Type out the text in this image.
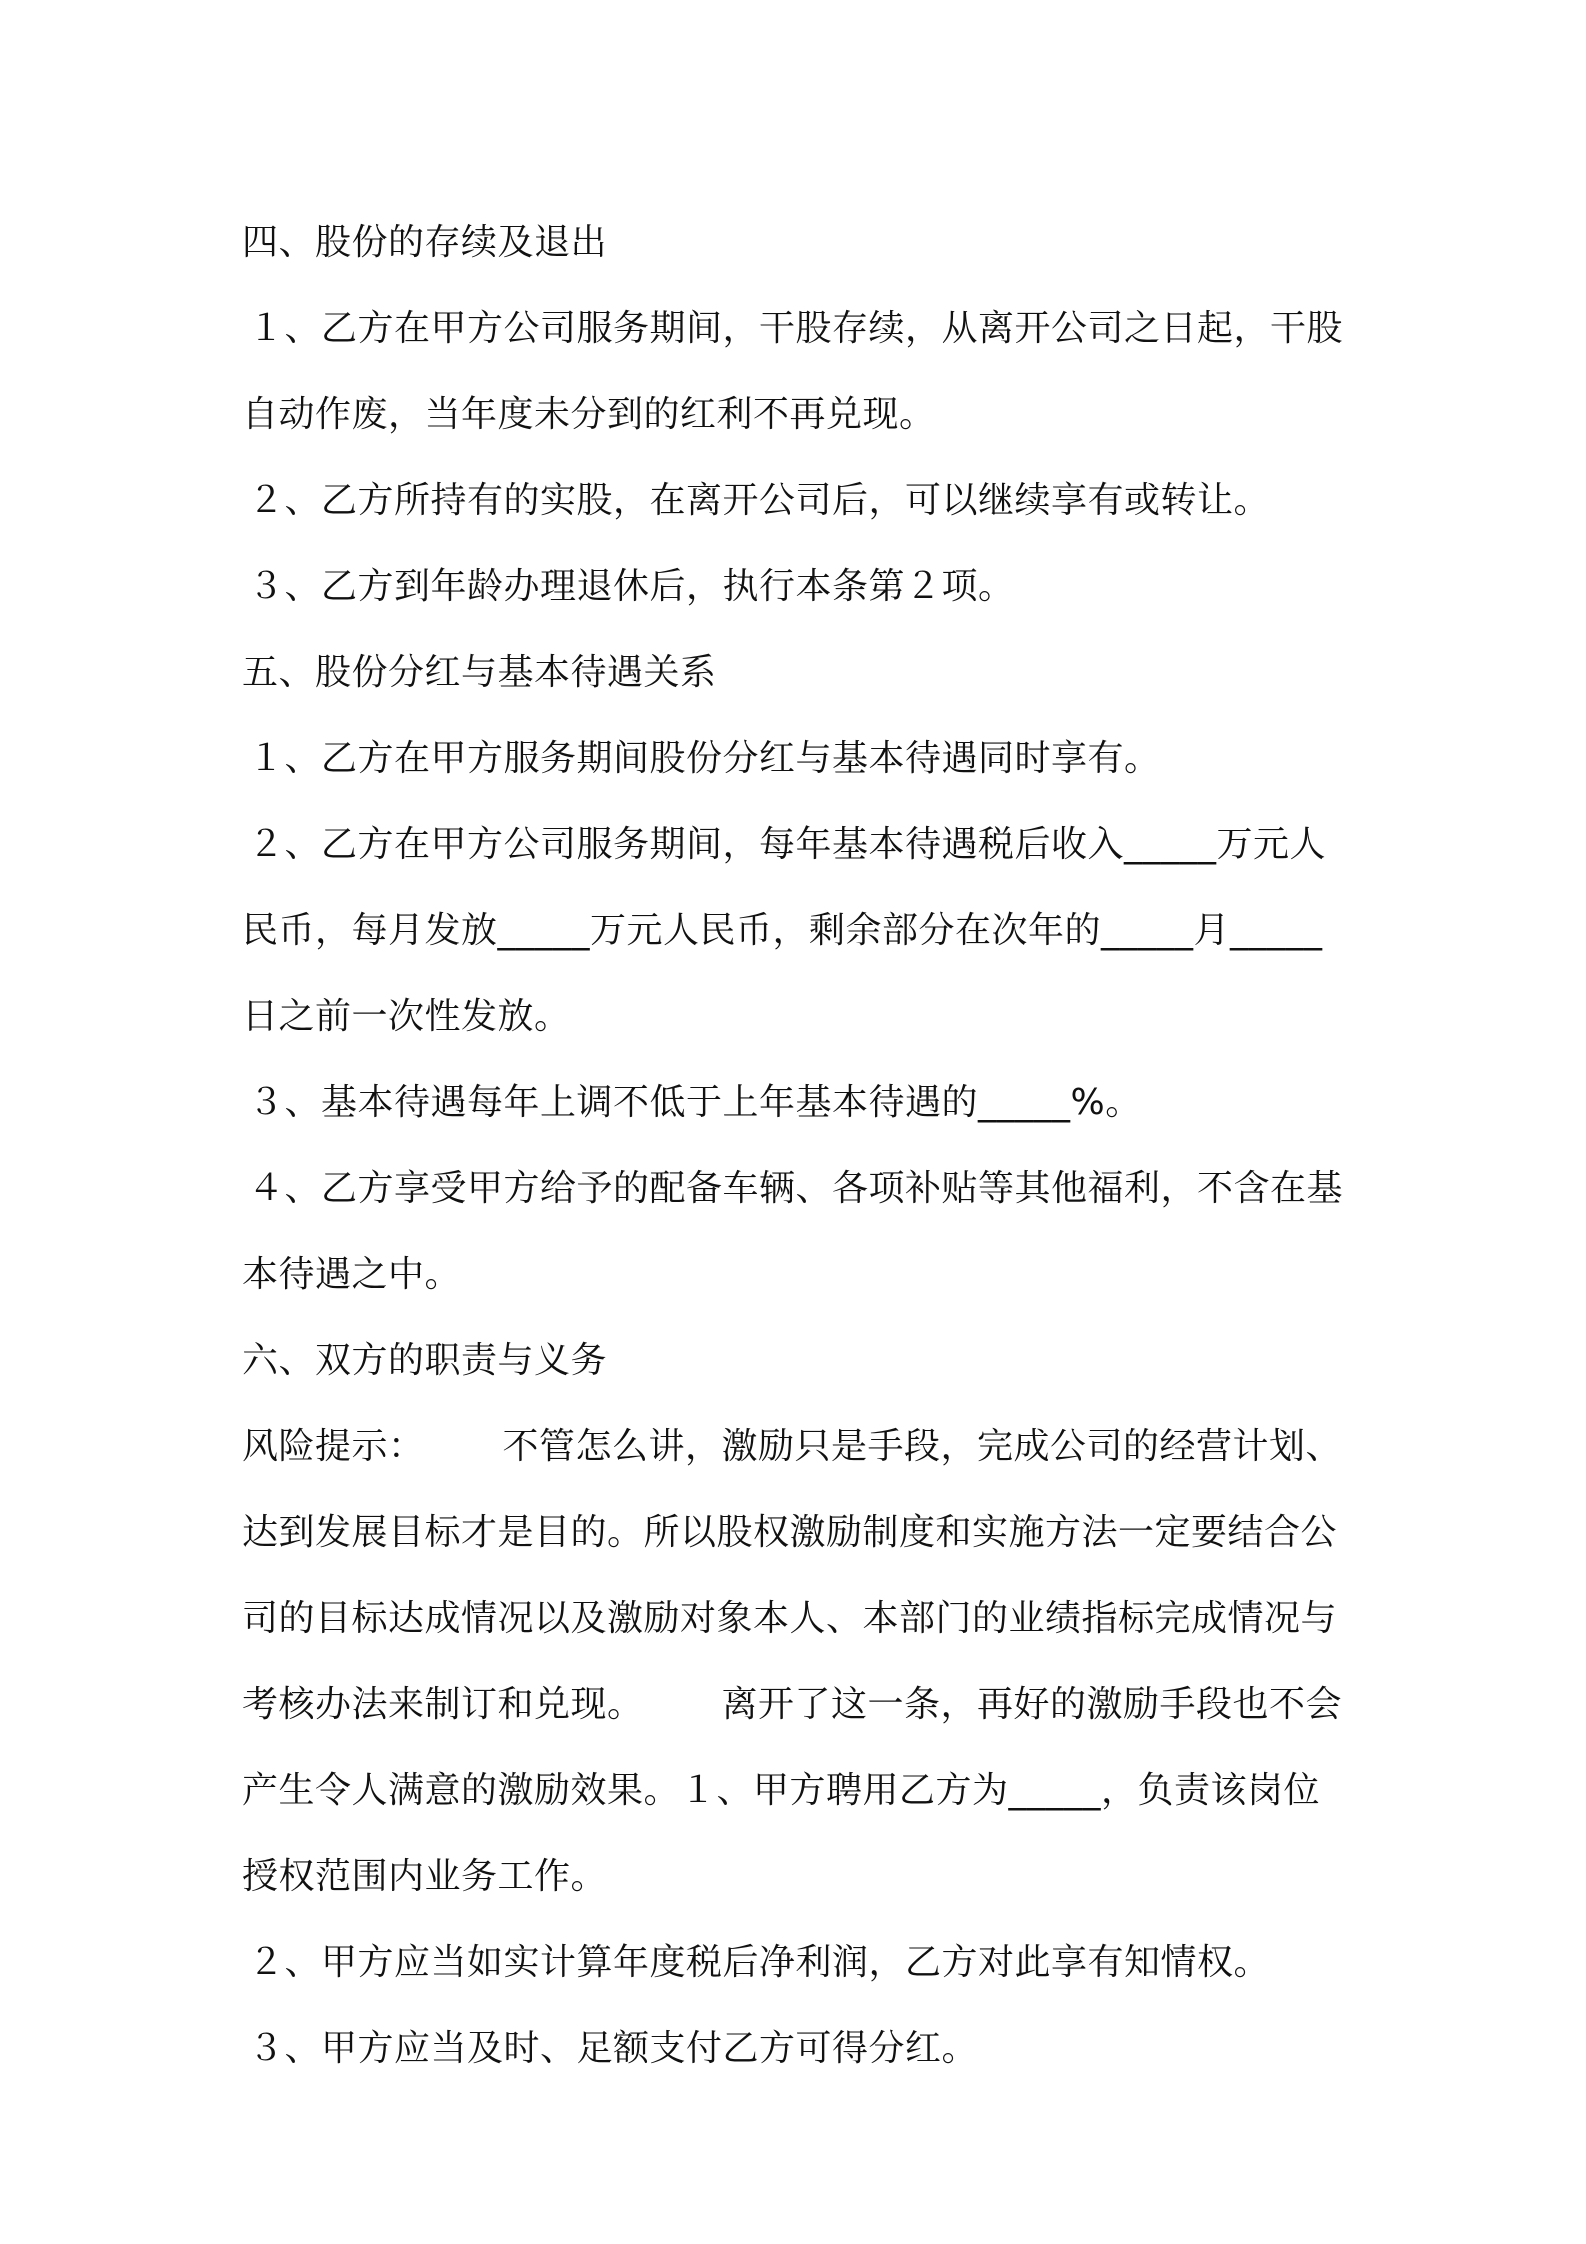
四、股份的存续及退出
１、乙方在甲方公司服务期间，干股存续，从离开公司之日起，干股
自动作废，当年度未分到的红利不再兑现。
２、乙方所持有的实股，在离开公司后，可以继续享有或转让。
３、乙方到年龄办理退休后，执行本条第２项。
五、股份分红与基本待遇关系
１、乙方在甲方服务期间股份分红与基本待遇同时享有。
２、乙方在甲方公司服务期间，每年基本待遇税后收入_____万元人
民币，每月发放_____万元人民币，剩余部分在次年的_____月_____
日之前一次性发放。
３、基本待遇每年上调不低于上年基本待遇的_____%。
４、乙方享受甲方给予的配备车辆、各项补贴等其他福利，不含在基
本待遇之中。
六、双方的职责与义务
风险提示： 不管怎么讲，激励只是手段，完成公司的经营计划、
达到发展目标才是目的。所以股权激励制度和实施方法一定要结合公
司的目标达成情况以及激励对象本人、本部门的业绩指标完成情况与
考核办法来制订和兑现。 离开了这一条，再好的激励手段也不会
产生令人满意的激励效果。１、甲方聘用乙方为_____，负责该岗位
授权范围内业务工作。
２、甲方应当如实计算年度税后净利润，乙方对此享有知情权。
３、甲方应当及时、足额支付乙方可得分红。
